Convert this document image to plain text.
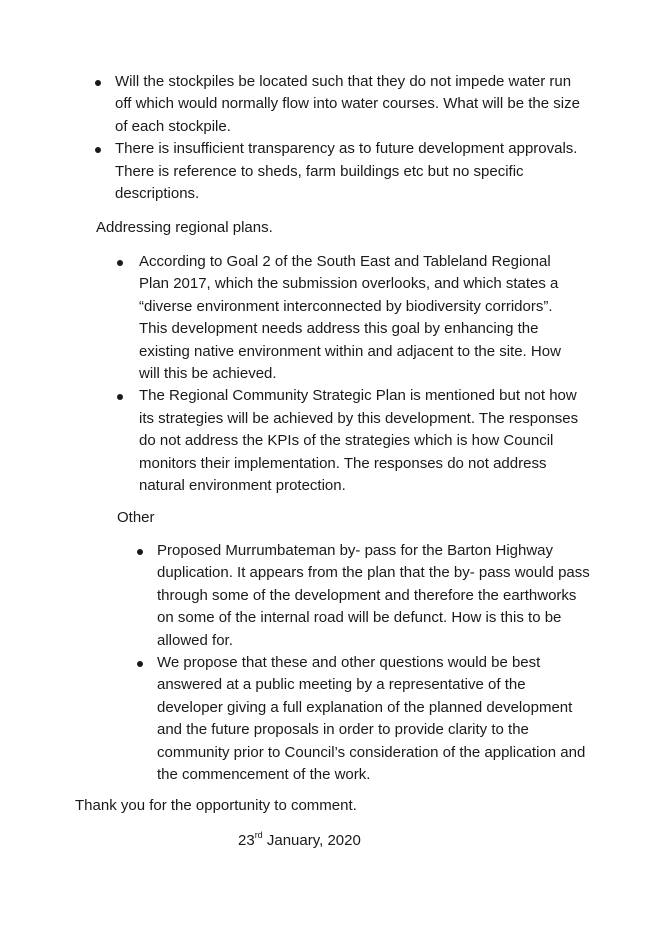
Will the stockpiles be located such that they do not impede water run off which would normally flow into water courses. What will be the size of each stockpile.
There is insufficient transparency as to future development approvals. There is reference to sheds, farm buildings etc but no specific descriptions.

Addressing regional plans.

According to Goal 2 of the South East and Tableland Regional Plan 2017, which the submission overlooks, and which states a “diverse environment interconnected by biodiversity corridors”. This development needs address this goal by enhancing the existing native environment within and adjacent to the site. How will this be achieved.
The Regional Community Strategic Plan is mentioned but not how its strategies will be achieved by this development. The responses do not address the KPIs of the strategies which is how Council monitors their implementation. The responses do not address natural environment protection.

Other

Proposed Murrumbateman by- pass for the Barton Highway duplication. It appears from the plan that the by- pass would pass through some of the development and therefore the earthworks on some of the internal road will be defunct. How is this to be allowed for.
We propose that these and other questions would be best answered at a public meeting by a representative of the developer giving a full explanation of the planned development and the future proposals in order to provide clarity to the community prior to Council’s consideration of the application and the commencement of the work.

Thank you for the opportunity to comment.

23rd January, 2020
